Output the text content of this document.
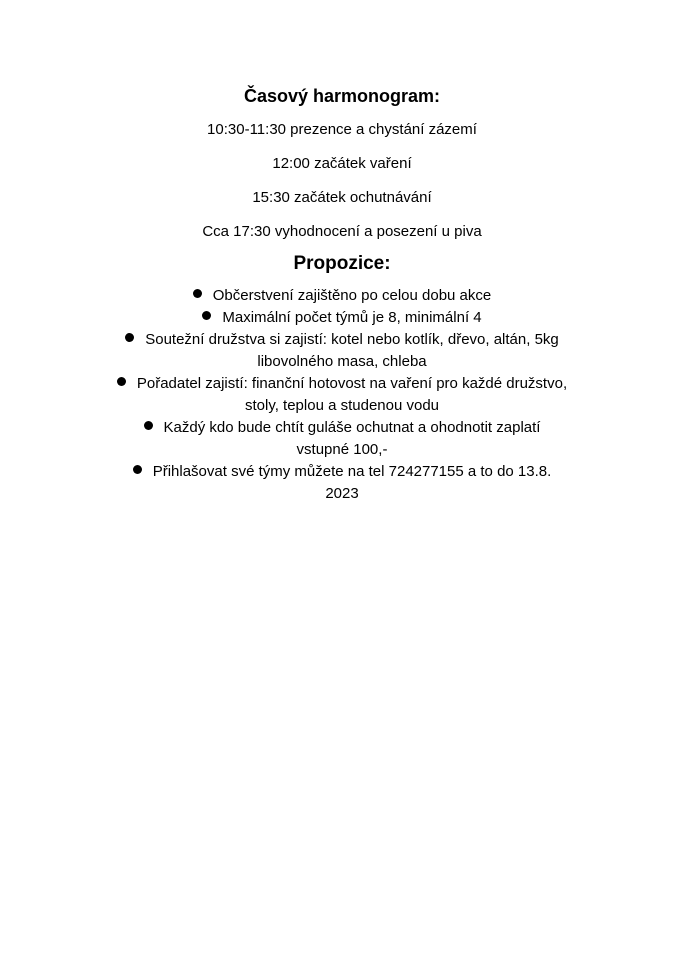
Časový harmonogram:
10:30-11:30 prezence a chystání zázemí
12:00 začátek vaření
15:30 začátek ochutnávání
Cca 17:30 vyhodnocení a posezení u piva
Propozice:
Občerstvení zajištěno po celou dobu akce
Maximální počet týmů je 8, minimální 4
Soutežní družstva si zajistí: kotel nebo kotlík, dřevo, altán, 5kg libovolného masa, chleba
Pořadatel zajistí: finanční hotovost na vaření pro každé družstvo, stoly, teplou a studenou vodu
Každý kdo bude chtít guláše ochutnat a ohodnotit zaplatí vstupné 100,-
Přihlašovat své týmy můžete na tel 724277155 a to do 13.8. 2023
